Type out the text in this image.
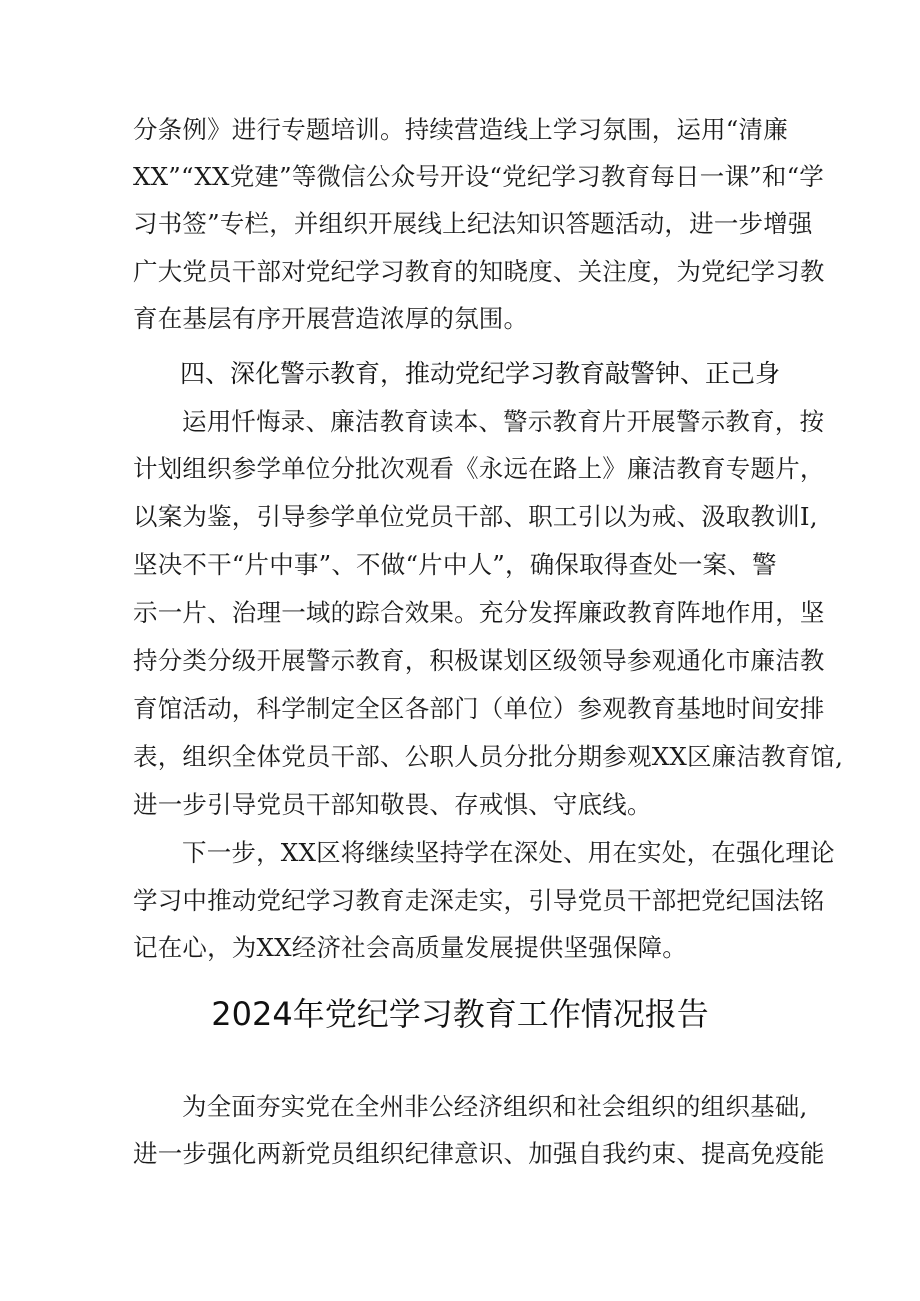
分条例》进行专题培训。持续营造线上学习氛围，运用“清廉
XX”“XX党建”等微信公众号开设“党纪学习教育每日一课”和“学
习书签”专栏，并组织开展线上纪法知识答题活动，进一步增强
广大党员干部对党纪学习教育的知晓度、关注度，为党纪学习教
育在基层有序开展营造浓厚的氛围。
四、深化警示教育，推动党纪学习教育敲警钟、正己身
运用忏悔录、廉洁教育读本、警示教育片开展警示教育，按
计划组织参学单位分批次观看《永远在路上》廉洁教育专题片，
以案为鉴，引导参学单位党员干部、职工引以为戒、汲取教训I,
坚决不干“片中事”、不做“片中人”，确保取得查处一案、警
示一片、治理一域的踪合效果。充分发挥廉政教育阵地作用，坚
持分类分级开展警示教育，积极谋划区级领导参观通化市廉洁教
育馆活动，科学制定全区各部门（单位）参观教育基地时间安排
表，组织全体党员干部、公职人员分批分期参观XX区廉洁教育馆,
进一步引导党员干部知敬畏、存戒惧、守底线。
下一步，XX区将继续坚持学在深处、用在实处，在强化理论
学习中推动党纪学习教育走深走实，引导党员干部把党纪国法铭
记在心，为XX经济社会高质量发展提供坚强保障。
2024年党纪学习教育工作情况报告
为全面夯实党在全州非公经济组织和社会组织的组织基础,
进一步强化两新党员组织纪律意识、加强自我约束、提高免疫能
